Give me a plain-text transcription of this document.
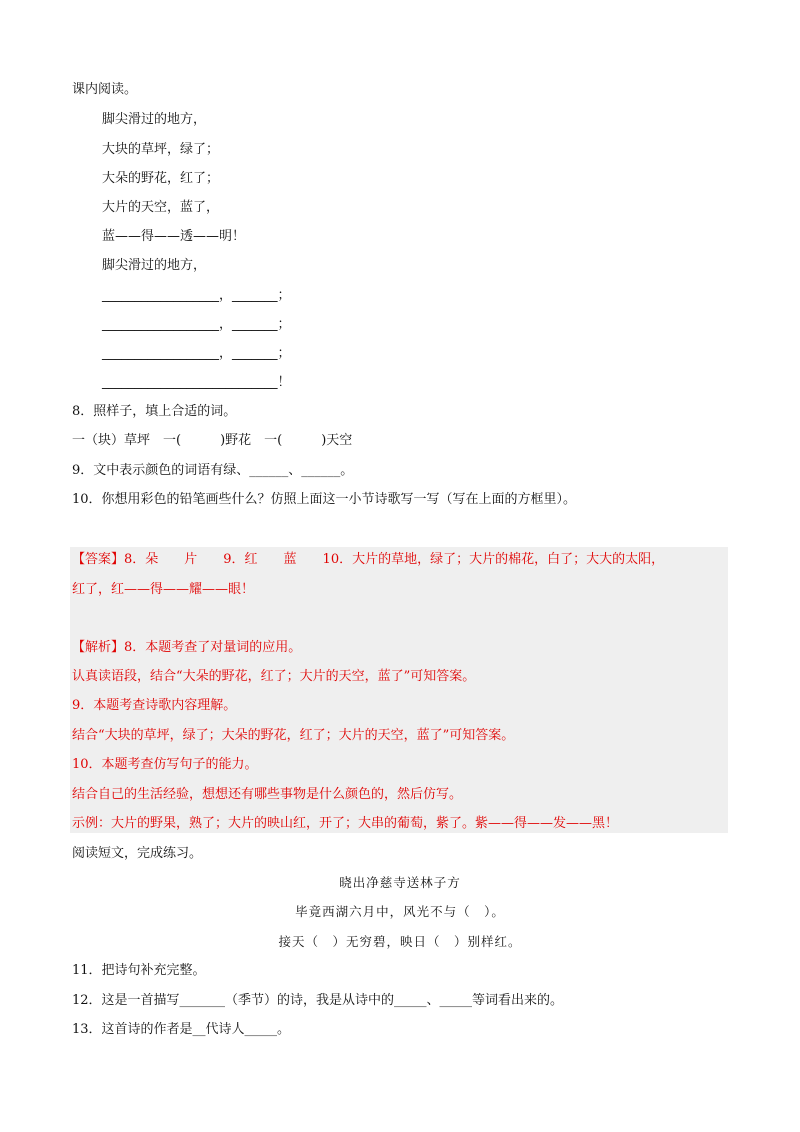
课内阅读。
脚尖滑过的地方，
大块的草坪，绿了；
大朵的野花，红了；
大片的天空，蓝了，
蓝——得——透——明！
脚尖滑过的地方，
__________________，_______；
__________________，_______；
__________________，_______；
___________________________！
8．照样子，填上合适的词。
一（块）草坪　一(　　　)野花　一(　　　)天空
9．文中表示颜色的词语有绿、______、______。
10．你想用彩色的铅笔画些什么？仿照上面这一小节诗歌写一写（写在上面的方框里）。
【答案】8．朵　　片　　9．红　　蓝　　10．大片的草地，绿了；大片的棉花，白了；大大的太阳，
红了，红——得——耀——眼！
【解析】8．本题考查了对量词的应用。
认真读语段，结合“大朵的野花，红了；大片的天空，蓝了”可知答案。
9．本题考查诗歌内容理解。
结合“大块的草坪，绿了；大朵的野花，红了；大片的天空，蓝了”可知答案。
10．本题考查仿写句子的能力。
结合自己的生活经验，想想还有哪些事物是什么颜色的，然后仿写。
示例：大片的野果，熟了；大片的映山红，开了；大串的葡萄，紫了。紫——得——发——黑！
阅读短文，完成练习。
晓出净慈寺送林子方
毕竟西湖六月中，风光不与（　）。
接天（　）无穷碧，映日（　）别样红。
11．把诗句补充完整。
12．这是一首描写_______（季节）的诗，我是从诗中的_____、_____等词看出来的。
13．这首诗的作者是__代诗人_____。
